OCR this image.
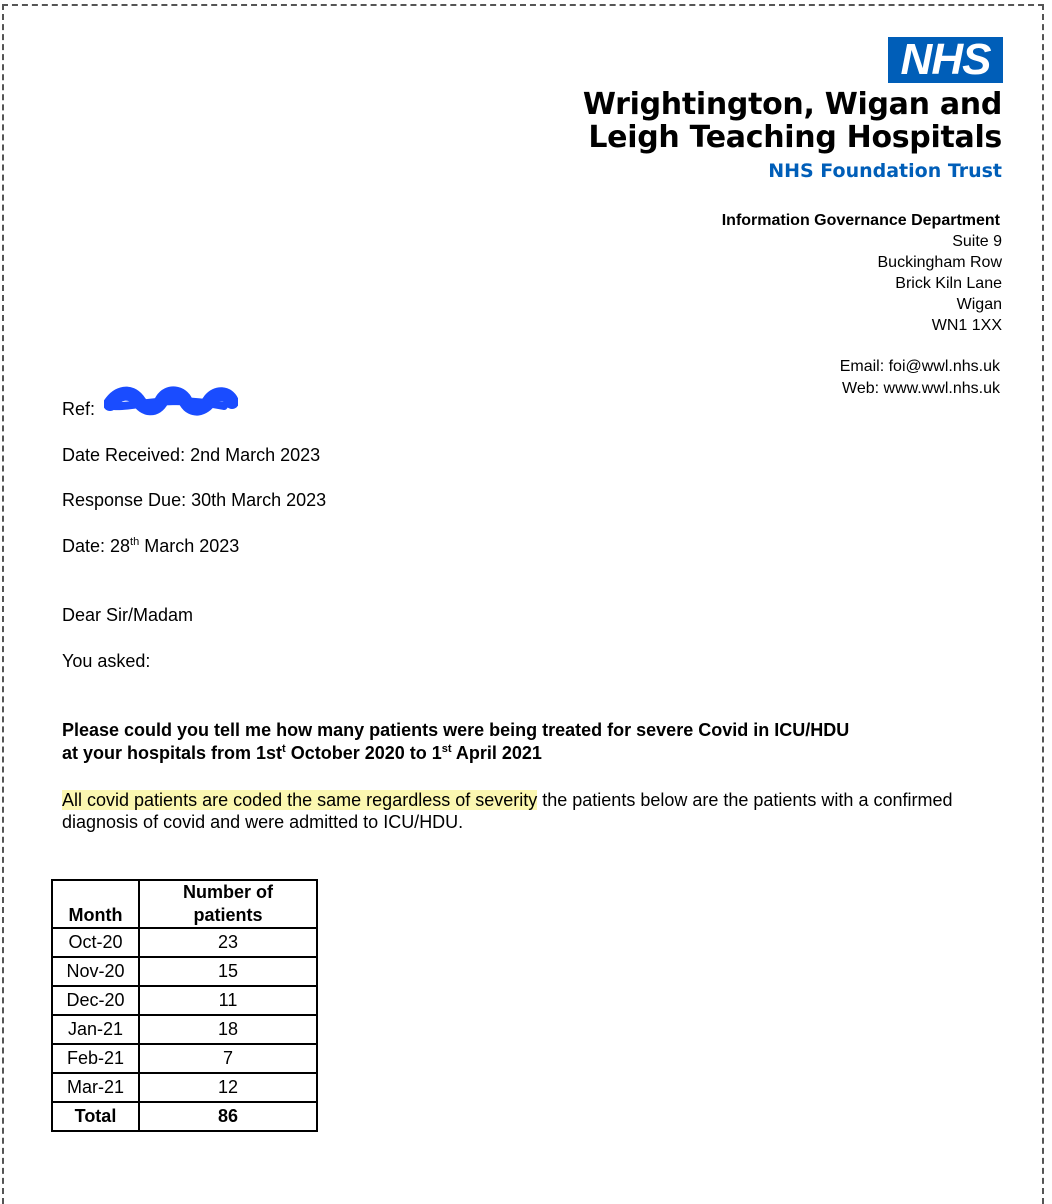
NHS
Wrightington, Wigan and
Leigh Teaching Hospitals
NHS Foundation Trust
Information Governance Department
Suite 9
Buckingham Row
Brick Kiln Lane
Wigan
WN1 1XX
Email: foi@wwl.nhs.uk
Web: www.wwl.nhs.uk
Ref:
Date Received: 2nd March 2023
Response Due: 30th March 2023
Date: 28th March 2023
Dear Sir/Madam
You asked:
Please could you tell me how many patients were being treated for severe Covid in ICU/HDU
at your hospitals from $1st^t$ October 2020 to 1st April 2021
All covid patients are coded the same regardless of severity the patients below are the patients with a confirmed diagnosis of covid and were admitted to ICU/HDU.
Month	Number of
patients

Oct-20	23
Nov-20	15
Dec-20	11
Jan-21	18
Feb-21	7
Mar-21	12
Total	86
